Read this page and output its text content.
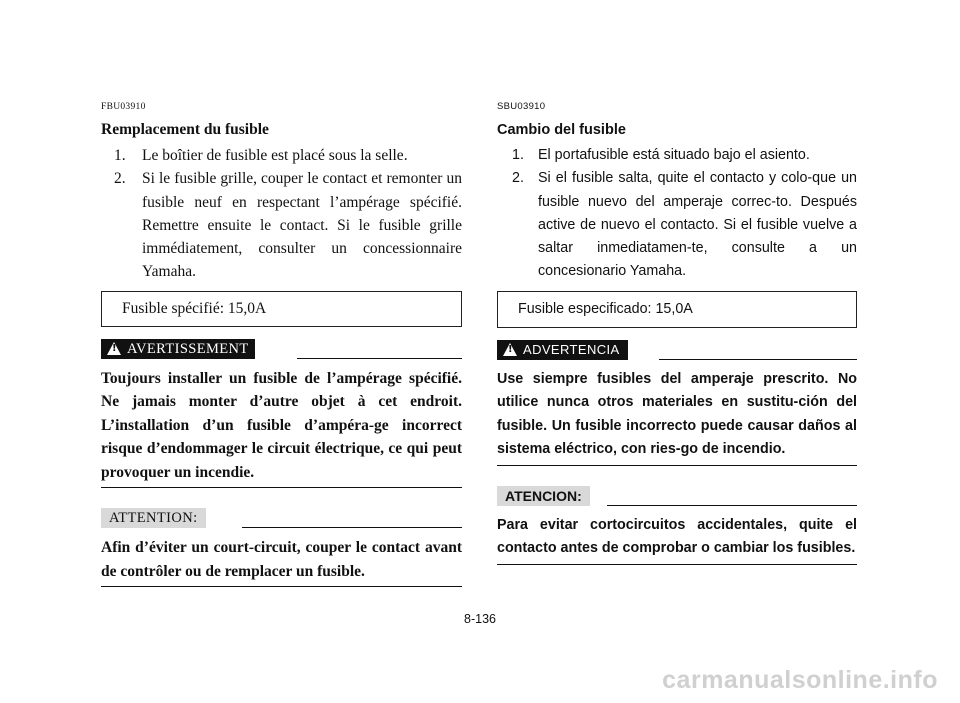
FBU03910
Remplacement du fusible
1. Le boîtier de fusible est placé sous la selle.
2. Si le fusible grille, couper le contact et remonter un fusible neuf en respectant l’ampérage spécifié. Remettre ensuite le contact. Si le fusible grille immédiatement, consulter un concessionnaire Yamaha.
Fusible spécifié: 15,0A
!
AVERTISSEMENT
Toujours installer un fusible de l’ampérage spécifié. Ne jamais monter d’autre objet à cet endroit. L’installation d’un fusible d’ampéra-ge incorrect risque d’endommager le circuit électrique, ce qui peut provoquer un incendie.
ATTENTION:
Afin d’éviter un court-circuit, couper le contact avant de contrôler ou de remplacer un fusible.
SBU03910
Cambio del fusible
1. El portafusible está situado bajo el asiento.
2. Si el fusible salta, quite el contacto y colo-que un fusible nuevo del amperaje correc-to. Después active de nuevo el contacto. Si el fusible vuelve a saltar inmediatamen-te, consulte a un concesionario Yamaha.
Fusible especificado: 15,0A
!
ADVERTENCIA
Use siempre fusibles del amperaje prescrito. No utilice nunca otros materiales en sustitu-ción del fusible. Un fusible incorrecto puede causar daños al sistema eléctrico, con ries-go de incendio.
ATENCION:
Para evitar cortocircuitos accidentales, quite el contacto antes de comprobar o cambiar los fusibles.
8-136
carmanualsonline.info
